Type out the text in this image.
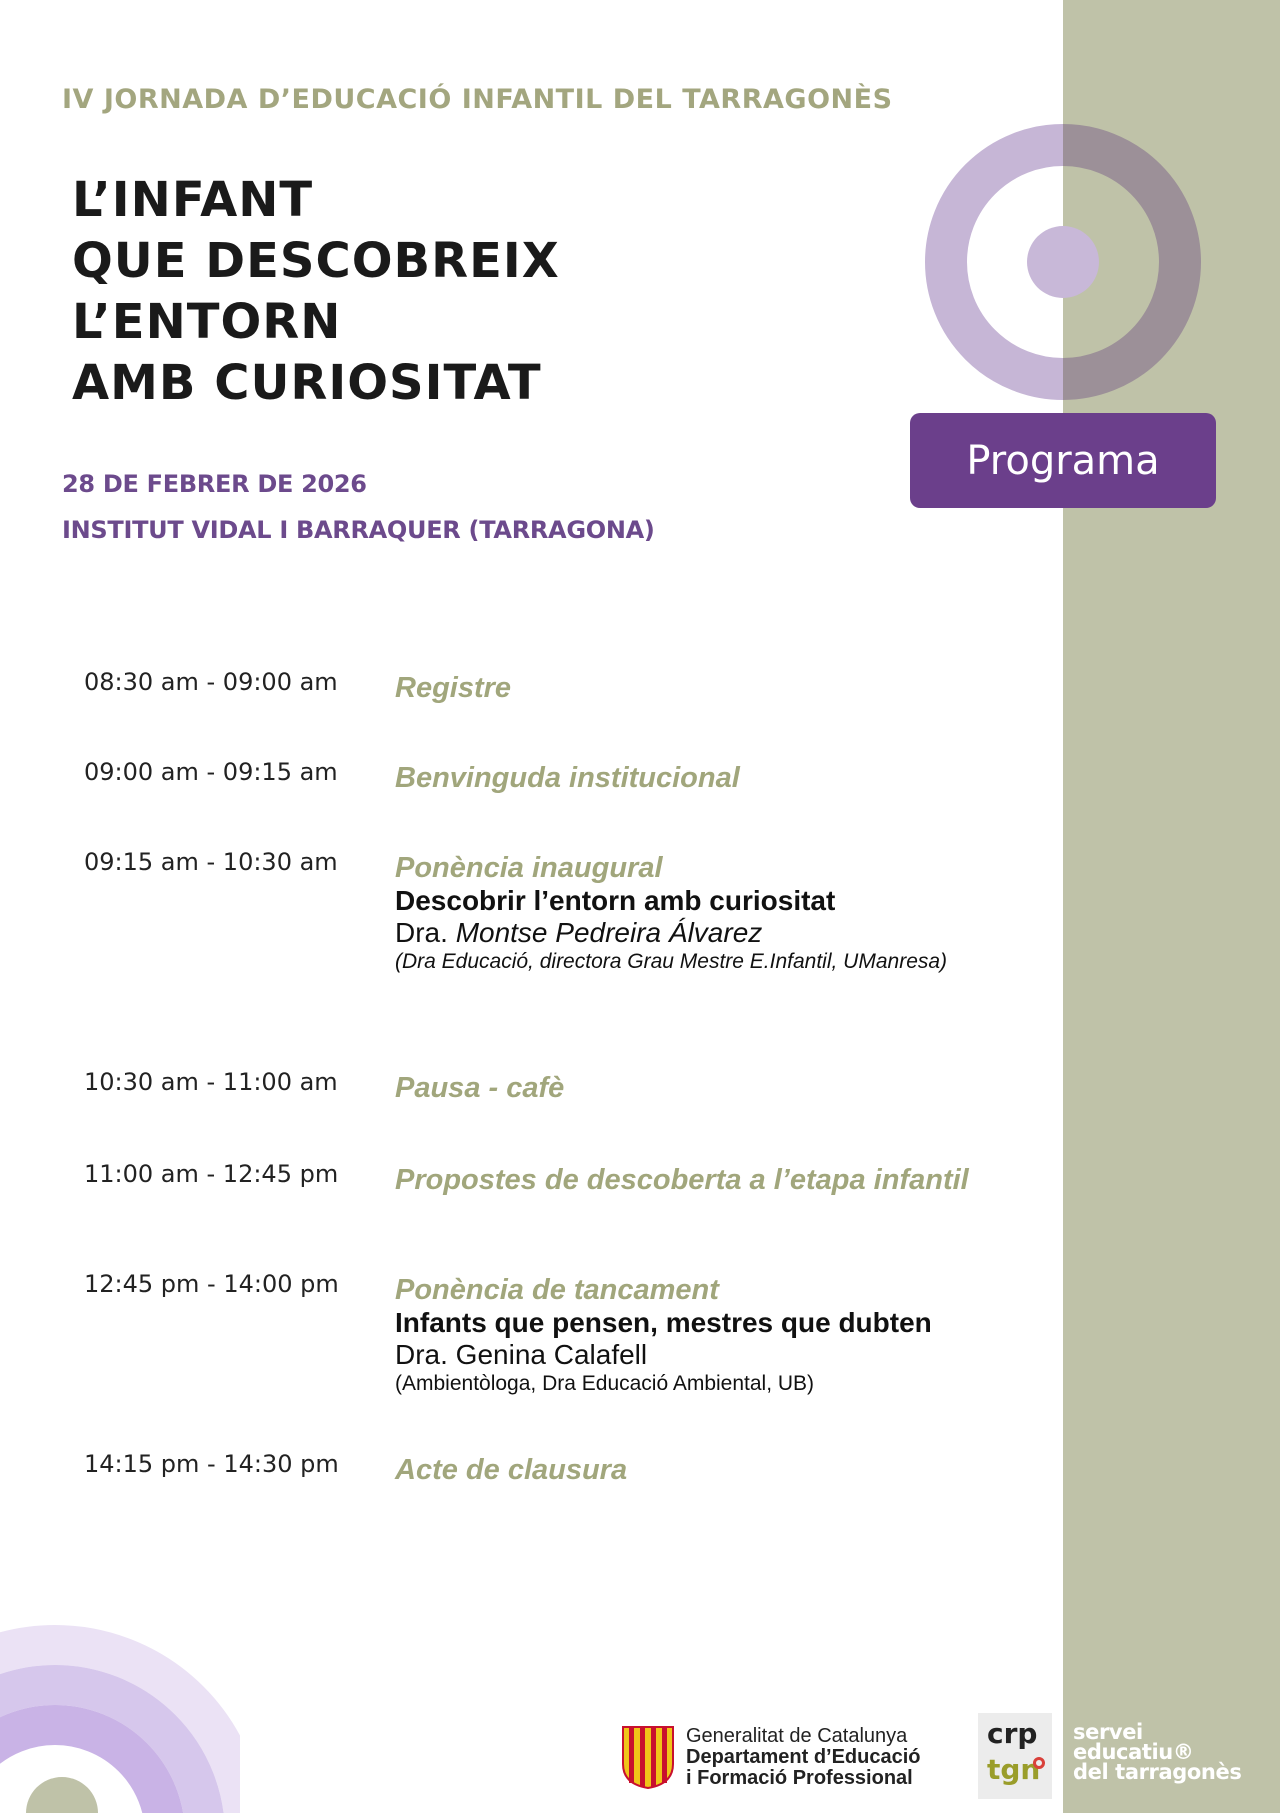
IV JORNADA D’EDUCACIÓ INFANTIL DEL TARRAGONÈS
L’INFANT
QUE DESCOBREIX
L’ENTORN
AMB CURIOSITAT
28 DE FEBRER DE 2026
INSTITUT VIDAL I BARRAQUER (TARRAGONA)
Programa
08:30 am - 09:00 am Registre
09:00 am - 09:15 am Benvinguda institucional
09:15 am - 10:30 am Ponència inaugural
Descobrir l’entorn amb curiositat
Dra. Montse Pedreira Álvarez
(Dra Educació, directora Grau Mestre E.Infantil, UManresa)
10:30 am - 11:00 am Pausa - cafè
11:00 am - 12:45 pm Propostes de descoberta a l’etapa infantil
12:45 pm - 14:00 pm Ponència de tancament
Infants que pensen, mestres que dubten
Dra. Genina Calafell
(Ambientòloga, Dra Educació Ambiental, UB)
14:15 pm - 14:30 pm Acte de clausura
Generalitat de Catalunya
Departament d’Educació
i Formació Professional
crp
tgn
servei
educatiu®
del tarragonès
